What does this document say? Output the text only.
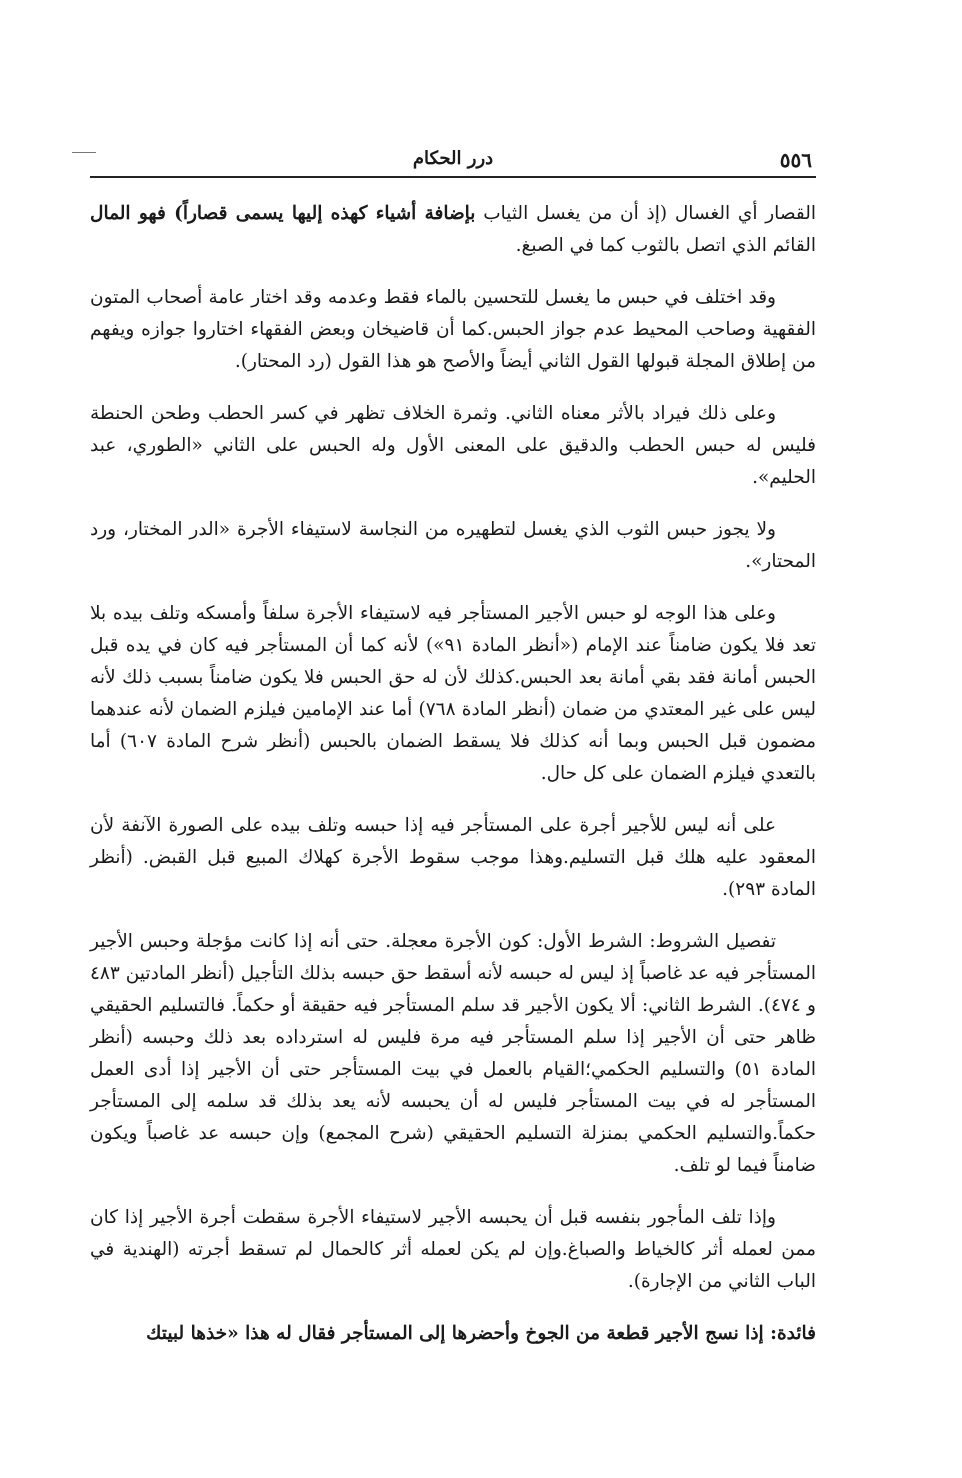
٥٥٦
درر الحكام

القصار أي الغسال (إذ أن من يغسل الثياب بإضافة أشياء كهذه إليها يسمى قصاراً) فهو المال القائم الذي اتصل بالثوب كما في الصبغ.

وقد اختلف في حبس ما يغسل للتحسين بالماء فقط وعدمه وقد اختار عامة أصحاب المتون الفقهية وصاحب المحيط عدم جواز الحبس.كما أن قاضيخان وبعض الفقهاء اختاروا جوازه ويفهم من إطلاق المجلة قبولها القول الثاني أيضاً والأصح هو هذا القول (رد المحتار).

وعلى ذلك فيراد بالأثر معناه الثاني. وثمرة الخلاف تظهر في كسر الحطب وطحن الحنطة فليس له حبس الحطب والدقيق على المعنى الأول وله الحبس على الثاني «الطوري، عبد الحليم».

ولا يجوز حبس الثوب الذي يغسل لتطهيره من النجاسة لاستيفاء الأجرة «الدر المختار، ورد المحتار».

وعلى هذا الوجه لو حبس الأجير المستأجر فيه لاستيفاء الأجرة سلفاً وأمسكه وتلف بيده بلا تعد فلا يكون ضامناً عند الإمام («أنظر المادة ٩١») لأنه كما أن المستأجر فيه كان في يده قبل الحبس أمانة فقد بقي أمانة بعد الحبس.كذلك لأن له حق الحبس فلا يكون ضامناً بسبب ذلك لأنه ليس على غير المعتدي من ضمان (أنظر المادة ٧٦٨) أما عند الإمامين فيلزم الضمان لأنه عندهما مضمون قبل الحبس وبما أنه كذلك فلا يسقط الضمان بالحبس (أنظر شرح المادة ٦٠٧) أما بالتعدي فيلزم الضمان على كل حال.

على أنه ليس للأجير أجرة على المستأجر فيه إذا حبسه وتلف بيده على الصورة الآنفة لأن المعقود عليه هلك قبل التسليم.وهذا موجب سقوط الأجرة كهلاك المبيع قبل القبض. (أنظر المادة ٢٩٣).

تفصيل الشروط: الشرط الأول: كون الأجرة معجلة. حتى أنه إذا كانت مؤجلة وحبس الأجير المستأجر فيه عد غاصباً إذ ليس له حبسه لأنه أسقط حق حبسه بذلك التأجيل (أنظر المادتين ٤٨٣ و ٤٧٤). الشرط الثاني: ألا يكون الأجير قد سلم المستأجر فيه حقيقة أو حكماً. فالتسليم الحقيقي ظاهر حتى أن الأجير إذا سلم المستأجر فيه مرة فليس له استرداده بعد ذلك وحبسه (أنظر المادة ٥١) والتسليم الحكمي؛القيام بالعمل في بيت المستأجر حتى أن الأجير إذا أدى العمل المستأجر له في بيت المستأجر فليس له أن يحبسه لأنه يعد بذلك قد سلمه إلى المستأجر حكماً.والتسليم الحكمي بمنزلة التسليم الحقيقي (شرح المجمع) وإن حبسه عد غاصباً ويكون ضامناً فيما لو تلف.

وإذا تلف المأجور بنفسه قبل أن يحبسه الأجير لاستيفاء الأجرة سقطت أجرة الأجير إذا كان ممن لعمله أثر كالخياط والصباغ.وإن لم يكن لعمله أثر كالحمال لم تسقط أجرته (الهندية في الباب الثاني من الإجارة).

فائدة: إذا نسج الأجير قطعة من الجوخ وأحضرها إلى المستأجر فقال له هذا «خذها لبيتك
